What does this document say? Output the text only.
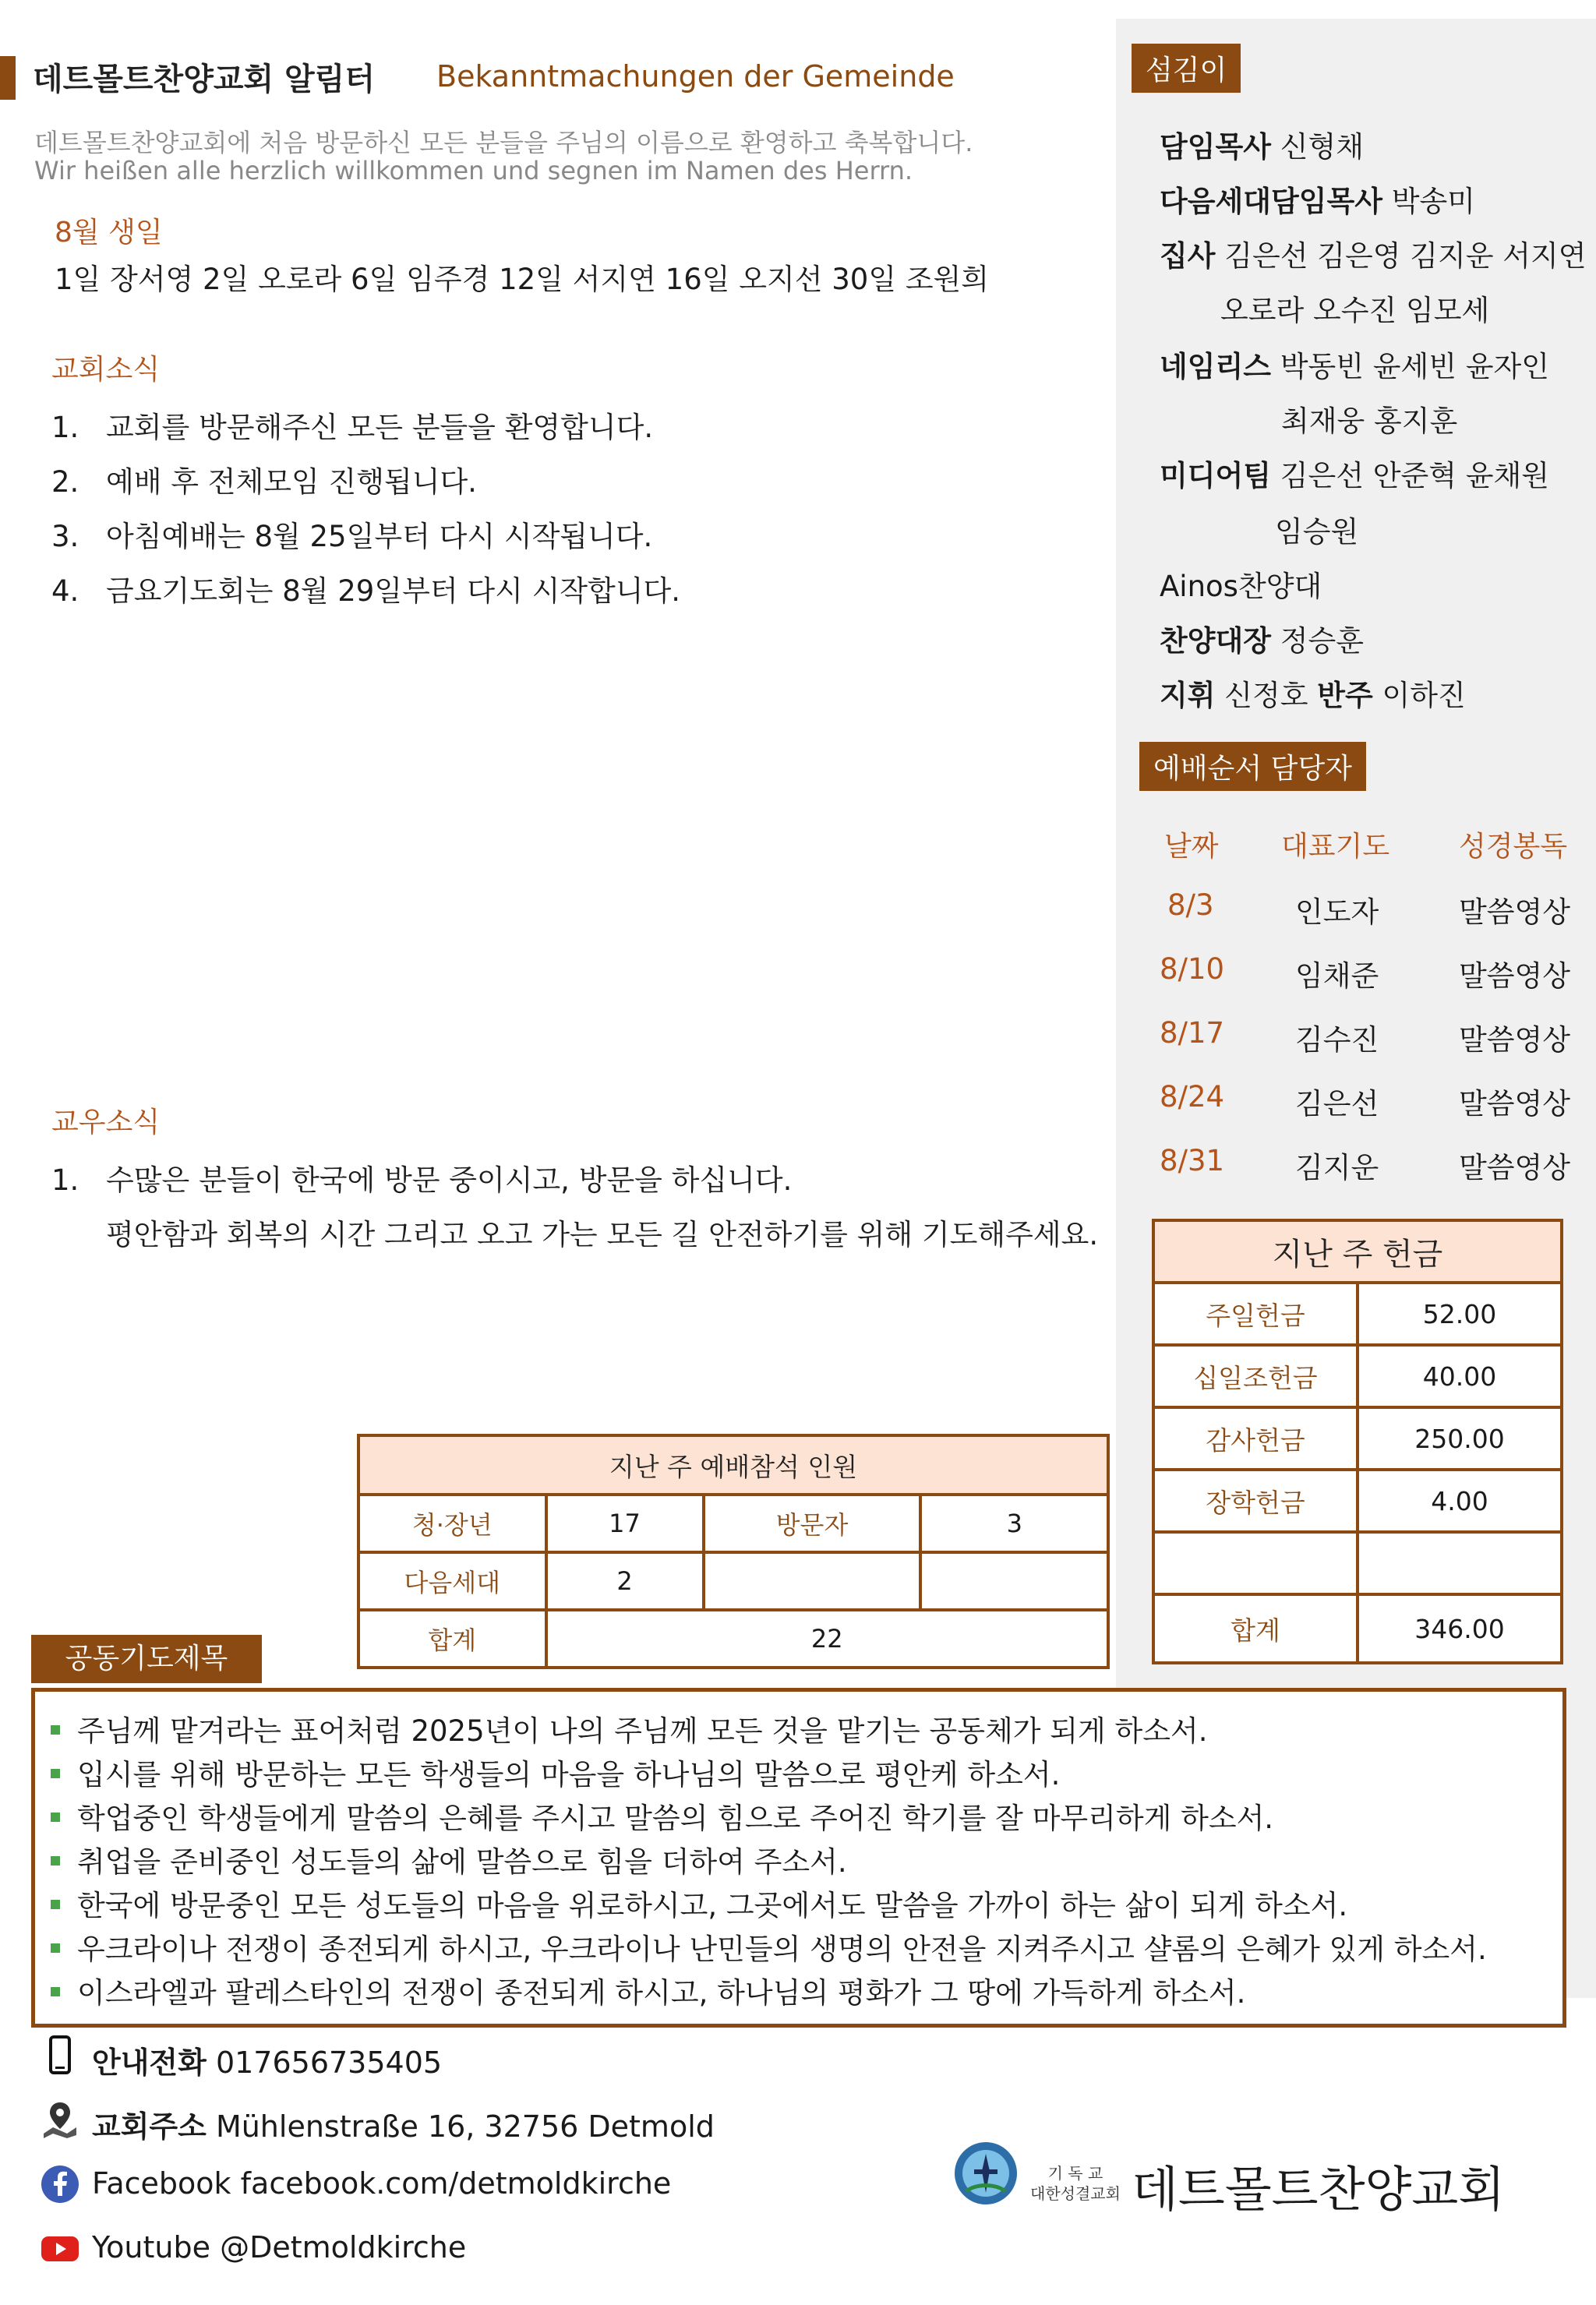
데트몰트찬양교회 알림터 Bekanntmachungen der Gemeinde
데트몰트찬양교회에 처음 방문하신 모든 분들을 주님의 이름으로 환영하고 축복합니다.
Wir heißen alle herzlich willkommen und segnen im Namen des Herrn.
8월 생일
1일 장서영 2일 오로라 6일 임주경 12일 서지연 16일 오지선 30일 조원희
교회소식
1. 교회를 방문해주신 모든 분들을 환영합니다.
2. 예배 후 전체모임 진행됩니다.
3. 아침예배는 8월 25일부터 다시 시작됩니다.
4. 금요기도회는 8월 29일부터 다시 시작합니다.
교우소식
1. 수많은 분들이 한국에 방문 중이시고, 방문을 하십니다.
평안함과 회복의 시간 그리고 오고 가는 모든 길 안전하기를 위해 기도해주세요.
섬김이
담임목사 신형채
다음세대담임목사 박송미
집사 김은선 김은영 김지운 서지연
오로라 오수진 임모세
네임리스 박동빈 윤세빈 윤자인
최재웅 홍지훈
미디어팀 김은선 안준혁 윤채원
임승원
Ainos찬양대
찬양대장 정승훈
지휘 신정호 반주 이하진
예배순서 담당자
날짜 대표기도 성경봉독
8/3	인도자	말씀영상
8/10 임채준	말씀영상
8/17 김수진	말씀영상
8/24 김은선	말씀영상
8/31 김지운	말씀영상
지난 주 헌금	
주일헌금	52.00
십일조헌금	40.00
감사헌금	250.00
장학헌금	4.00

합계	346.00
지난 주 예배참석 인원			
청·장년	17	방문자	3
다음세대	2		
합계	22		
공동기도제목
주님께 맡겨라는 표어처럼 2025년이 나의 주님께 모든 것을 맡기는 공동체가 되게 하소서.
입시를 위해 방문하는 모든 학생들의 마음을 하나님의 말씀으로 평안케 하소서.
학업중인 학생들에게 말씀의 은혜를 주시고 말씀의 힘으로 주어진 학기를 잘 마무리하게 하소서.
취업을 준비중인 성도들의 삶에 말씀으로 힘을 더하여 주소서.
한국에 방문중인 모든 성도들의 마음을 위로하시고, 그곳에서도 말씀을 가까이 하는 삶이 되게 하소서.
우크라이나 전쟁이 종전되게 하시고, 우크라이나 난민들의 생명의 안전을 지켜주시고 샬롬의 은혜가 있게 하소서.
이스라엘과 팔레스타인의 전쟁이 종전되게 하시고, 하나님의 평화가 그 땅에 가득하게 하소서.
안내전화 017656735405
교회주소 Mühlenstraße 16, 32756 Detmold
Facebook facebook.com/detmoldkirche
Youtube @Detmoldkirche
기 독 교
대한성결교회 데트몰트찬양교회
